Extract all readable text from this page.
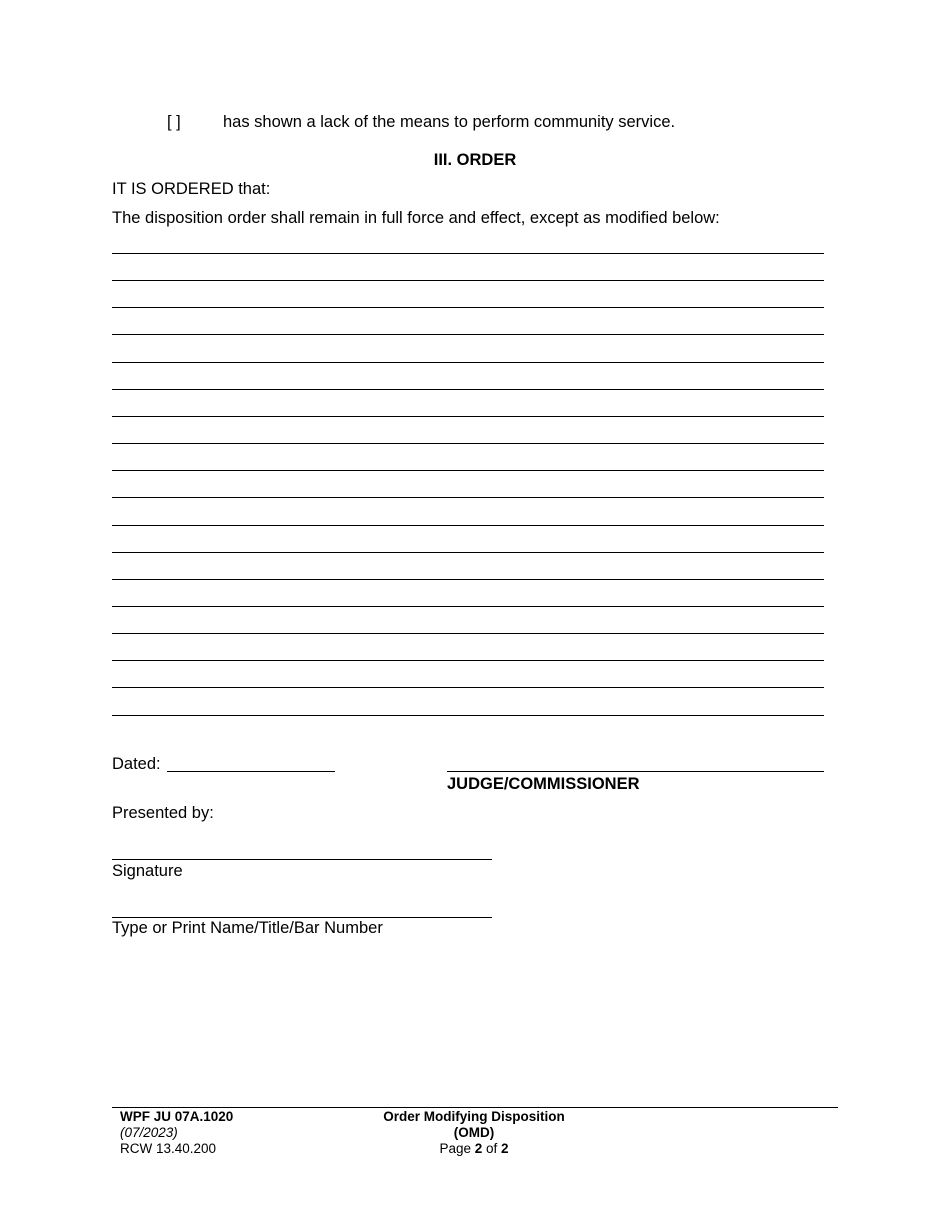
[ ]	has shown a lack of the means to perform community service.
III. ORDER
IT IS ORDERED that:
The disposition order shall remain in full force and effect, except as modified below:
Dated:
JUDGE/COMMISSIONER
Presented by:
Signature
Type or Print Name/Title/Bar Number
WPF JU 07A.1020
(07/2023)
RCW 13.40.200
Order Modifying Disposition
(OMD)
Page 2 of 2
